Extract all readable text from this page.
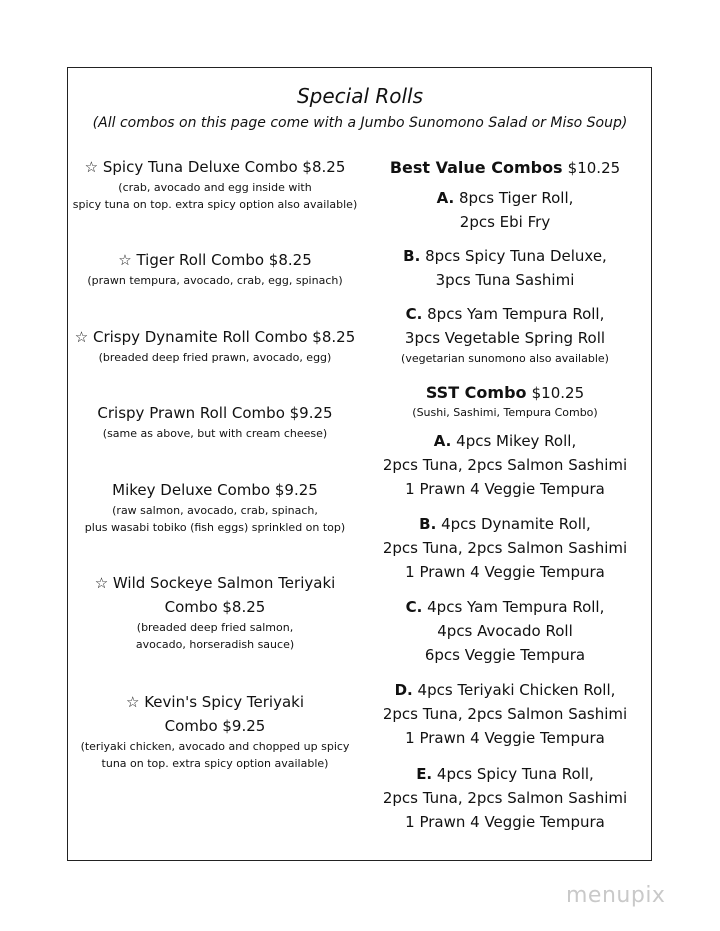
Special Rolls
(All combos on this page come with a Jumbo Sunomono Salad or Miso Soup)
☆ Spicy Tuna Deluxe Combo $8.25
(crab, avocado and egg inside with
spicy tuna on top. extra spicy option also available)
☆ Tiger Roll Combo $8.25
(prawn tempura, avocado, crab, egg, spinach)
☆ Crispy Dynamite Roll Combo $8.25
(breaded deep fried prawn, avocado, egg)
Crispy Prawn Roll Combo $9.25
(same as above, but with cream cheese)
Mikey Deluxe Combo $9.25
(raw salmon, avocado, crab, spinach,
plus wasabi tobiko (fish eggs) sprinkled on top)
☆ Wild Sockeye Salmon Teriyaki
Combo $8.25
(breaded deep fried salmon,
avocado, horseradish sauce)
☆ Kevin's Spicy Teriyaki
Combo $9.25
(teriyaki chicken, avocado and chopped up spicy
tuna on top. extra spicy option available)
Best Value Combos $10.25
A. 8pcs Tiger Roll,
2pcs Ebi Fry
B. 8pcs Spicy Tuna Deluxe,
3pcs Tuna Sashimi
C. 8pcs Yam Tempura Roll,
3pcs Vegetable Spring Roll
(vegetarian sunomono also available)
SST Combo $10.25
(Sushi, Sashimi, Tempura Combo)
A. 4pcs Mikey Roll,
2pcs Tuna, 2pcs Salmon Sashimi
1 Prawn 4 Veggie Tempura
B. 4pcs Dynamite Roll,
2pcs Tuna, 2pcs Salmon Sashimi
1 Prawn 4 Veggie Tempura
C. 4pcs Yam Tempura Roll,
4pcs Avocado Roll
6pcs Veggie Tempura
D. 4pcs Teriyaki Chicken Roll,
2pcs Tuna, 2pcs Salmon Sashimi
1 Prawn 4 Veggie Tempura
E. 4pcs Spicy Tuna Roll,
2pcs Tuna, 2pcs Salmon Sashimi
1 Prawn 4 Veggie Tempura
menupix
